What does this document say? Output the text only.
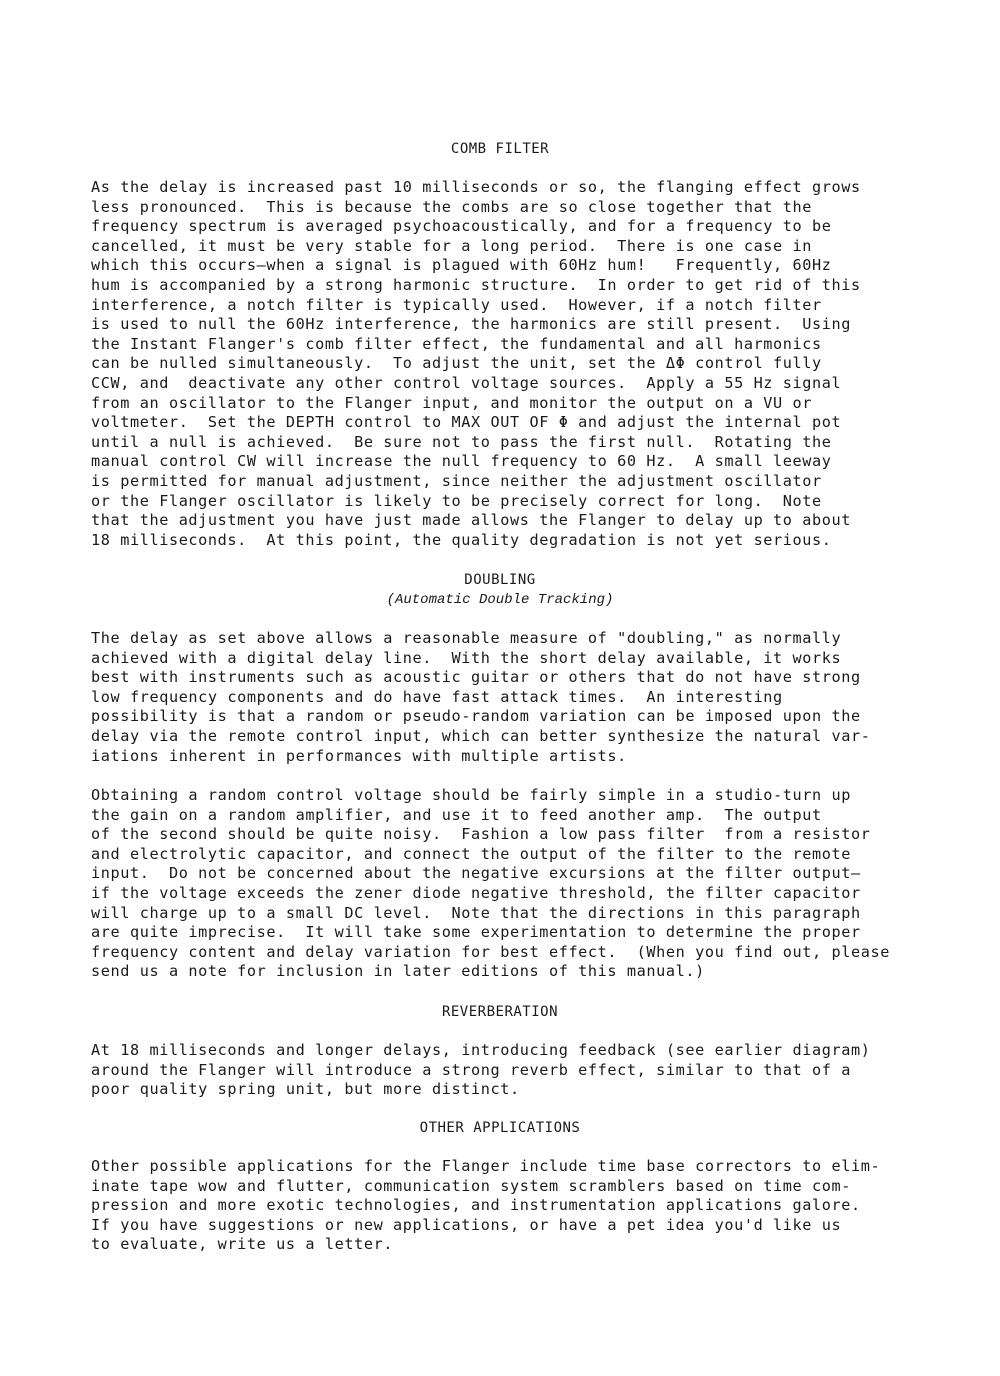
COMB FILTER
As the delay is increased past 10 milliseconds or so, the flanging effect grows
less pronounced.  This is because the combs are so close together that the
frequency spectrum is averaged psychoacoustically, and for a frequency to be
cancelled, it must be very stable for a long period.  There is one case in
which this occurs—when a signal is plagued with 60Hz hum!   Frequently, 60Hz
hum is accompanied by a strong harmonic structure.  In order to get rid of this
interference, a notch filter is typically used.  However, if a notch filter
is used to null the 60Hz interference, the harmonics are still present.  Using
the Instant Flanger's comb filter effect, the fundamental and all harmonics
can be nulled simultaneously.  To adjust the unit, set the ΔΦ control fully
CCW, and  deactivate any other control voltage sources.  Apply a 55 Hz signal
from an oscillator to the Flanger input, and monitor the output on a VU or
voltmeter.  Set the DEPTH control to MAX OUT OF Φ and adjust the internal pot
until a null is achieved.  Be sure not to pass the first null.  Rotating the
manual control CW will increase the null frequency to 60 Hz.  A small leeway
is permitted for manual adjustment, since neither the adjustment oscillator
or the Flanger oscillator is likely to be precisely correct for long.  Note
that the adjustment you have just made allows the Flanger to delay up to about
18 milliseconds.  At this point, the quality degradation is not yet serious.
DOUBLING
(Automatic Double Tracking)
The delay as set above allows a reasonable measure of "doubling," as normally
achieved with a digital delay line.  With the short delay available, it works
best with instruments such as acoustic guitar or others that do not have strong
low frequency components and do have fast attack times.  An interesting
possibility is that a random or pseudo-random variation can be imposed upon the
delay via the remote control input, which can better synthesize the natural var-
iations inherent in performances with multiple artists.
Obtaining a random control voltage should be fairly simple in a studio-turn up
the gain on a random amplifier, and use it to feed another amp.  The output
of the second should be quite noisy.  Fashion a low pass filter  from a resistor
and electrolytic capacitor, and connect the output of the filter to the remote
input.  Do not be concerned about the negative excursions at the filter output—
if the voltage exceeds the zener diode negative threshold, the filter capacitor
will charge up to a small DC level.  Note that the directions in this paragraph
are quite imprecise.  It will take some experimentation to determine the proper
frequency content and delay variation for best effect.  (When you find out, please
send us a note for inclusion in later editions of this manual.)
REVERBERATION
At 18 milliseconds and longer delays, introducing feedback (see earlier diagram)
around the Flanger will introduce a strong reverb effect, similar to that of a
poor quality spring unit, but more distinct.
OTHER APPLICATIONS
Other possible applications for the Flanger include time base correctors to elim-
inate tape wow and flutter, communication system scramblers based on time com-
pression and more exotic technologies, and instrumentation applications galore.
If you have suggestions or new applications, or have a pet idea you'd like us
to evaluate, write us a letter.
